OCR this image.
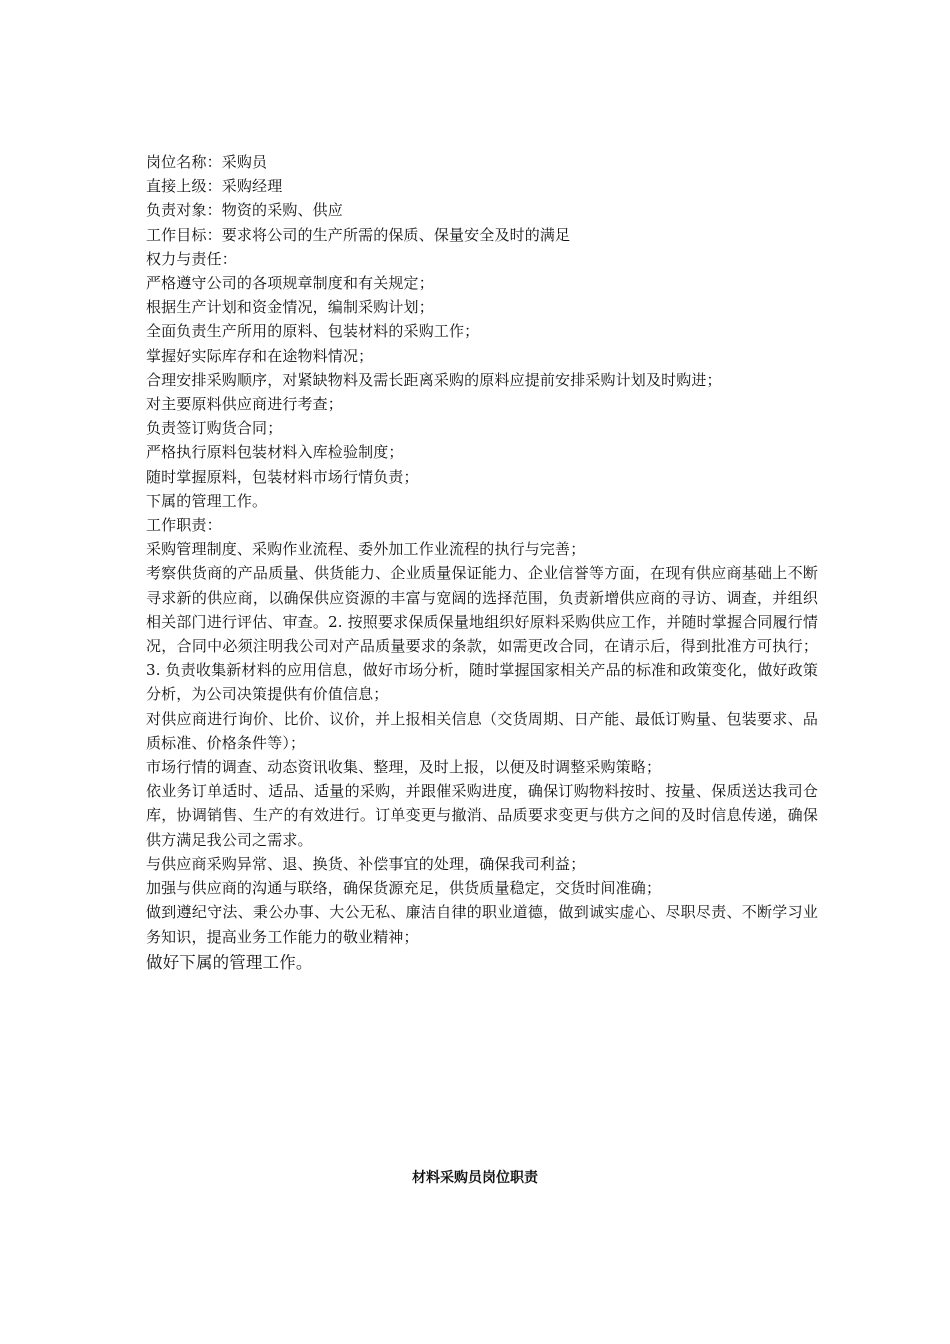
岗位名称：采购员
直接上级：采购经理
负责对象：物资的采购、供应
工作目标：要求将公司的生产所需的保质、保量安全及时的满足
权力与责任：
严格遵守公司的各项规章制度和有关规定；
根据生产计划和资金情况，编制采购计划；
全面负责生产所用的原料、包装材料的采购工作；
掌握好实际库存和在途物料情况；
合理安排采购顺序，对紧缺物料及需长距离采购的原料应提前安排采购计划及时购进；
对主要原料供应商进行考查；
负责签订购货合同；
严格执行原料包装材料入库检验制度；
随时掌握原料，包装材料市场行情负责；
下属的管理工作。
工作职责：
采购管理制度、采购作业流程、委外加工作业流程的执行与完善；
考察供货商的产品质量、供货能力、企业质量保证能力、企业信誉等方面，在现有供应商基础上不断寻求新的供应商，以确保供应资源的丰富与宽阔的选择范围，负责新增供应商的寻访、调查，并组织相关部门进行评估、审查。2. 按照要求保质保量地组织好原料采购供应工作，并随时掌握合同履行情况，合同中必须注明我公司对产品质量要求的条款，如需更改合同，在请示后，得到批准方可执行；3. 负责收集新材料的应用信息，做好市场分析，随时掌握国家相关产品的标准和政策变化，做好政策分析，为公司决策提供有价值信息；
对供应商进行询价、比价、议价，并上报相关信息（交货周期、日产能、最低订购量、包装要求、品质标准、价格条件等）；
市场行情的调查、动态资讯收集、整理，及时上报，以便及时调整采购策略；
依业务订单适时、适品、适量的采购，并跟催采购进度，确保订购物料按时、按量、保质送达我司仓库，协调销售、生产的有效进行。订单变更与撤消、品质要求变更与供方之间的及时信息传递，确保供方满足我公司之需求。
与供应商采购异常、退、换货、补偿事宜的处理，确保我司利益；
加强与供应商的沟通与联络，确保货源充足，供货质量稳定，交货时间准确；
做到遵纪守法、秉公办事、大公无私、廉洁自律的职业道德，做到诚实虚心、尽职尽责、不断学习业务知识，提高业务工作能力的敬业精神；
做好下属的管理工作。
材料采购员岗位职责
